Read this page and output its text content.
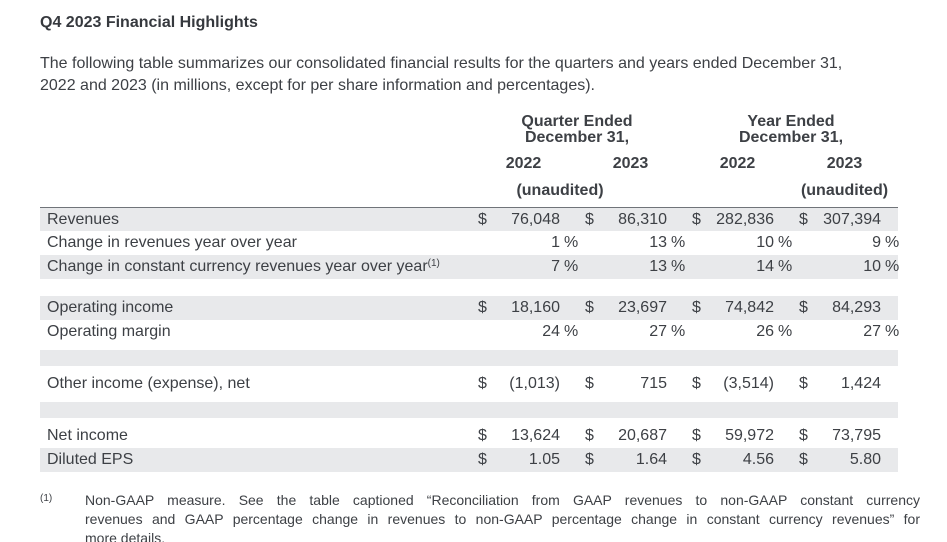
Q4 2023 Financial Highlights
The following table summarizes our consolidated financial results for the quarters and years ended December 31,
2022 and 2023 (in millions, except for per share information and percentages).
Quarter Ended
December 31,
Year Ended
December 31,
2022	2023	2022	2023
(unaudited)	(unaudited)
Revenues	$	76,048	$	86,310	$ 282,836	$ 307,394
Change in revenues year over year	1 %	13 %	10 %	9 %
Change in constant currency revenues year over year$^{(1)}$	7 %	13 %	14 %	10 %
Operating income	$	18,160	$	23,697	$	74,842	$	84,293
Operating margin	24 %	27 %	26 %	27 %
Other income (expense), net	$	(1,013)	$	715	$	(3,514)	$	1,424
Net income	$	13,624	$	20,687	$	59,972	$	73,795
Diluted EPS	$	1.05	$	1.64	$	4.56	$	5.80
(1)	Non-GAAP measure. See the table captioned “Reconciliation from GAAP revenues to non-GAAP constant currency
revenues and GAAP percentage change in revenues to non-GAAP percentage change in constant currency revenues” for
more details.
